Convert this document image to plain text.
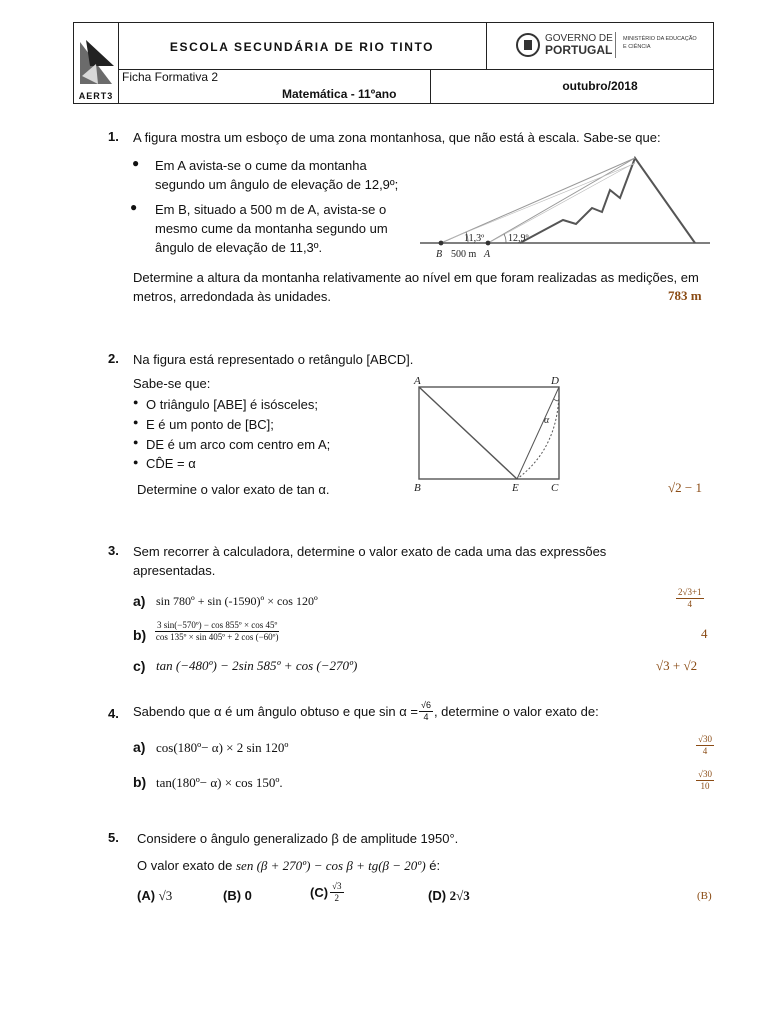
AERT3
ESCOLA SECUNDÁRIA DE RIO TINTO
GOVERNO DE
PORTUGAL
MINISTÉRIO DA EDUCAÇÃO
E CIÊNCIA
Ficha Formativa 2
Matemática - 11ºano
outubro/2018
1. A figura mostra um esboço de uma zona montanhosa, que não está à escala. Sabe-se que:
● Em A avista-se o cume da montanha
segundo um ângulo de elevação de 12,9º;
● Em B, situado a 500 m de A, avista-se o
mesmo cume da montanha segundo um
ângulo de elevação de 11,3º.
11,3º 12,9º
B 500 m A
Determine a altura da montanha relativamente ao nível em que foram realizadas as medições, em
metros, arredondada às unidades.	783 m
2. Na figura está representado o retângulo [ABCD].
Sabe-se que:
● O triângulo [ABE] é isósceles;
● E é um ponto de [BC];
● DE é um arco com centro em A;
● CD̂E = α
Determine o valor exato de tan α.	√2 − 1
A	D
B	E	C
α
3. Sem recorrer à calculadora, determine o valor exato de cada uma das expressões
apresentadas.
a) sin 780º + sin (-1590)º × cos 120º	$\frac{2√3+1}{4}$
$b) \frac{\text{3 sin(−570º) − cos 855º × cos 45º}}{\text{cos 135º × sin 405º + 2 cos (−60º)}}$	4
c) tan (−480º) − 2sin 585º + cos (−270º)	√3 + √2
4. Sabendo que α é um ângulo obtuso e que $\sin \alpha = \frac{√6}{4}$ , determine o valor exato de:
a) cos(180º− α) × 2 sin 120º	$\frac{√30}{4}$
b) tan(180º− α) × cos 150º.	$\frac{√30}{10}$
5. Considere o ângulo generalizado β de amplitude 1950°.
O valor exato de sen (β + 270º) − cos β + tg(β − 20º) é:
(A) √3	(B) 0	$(C) \frac{√3}{2}$	(D) 2√3	(B)
